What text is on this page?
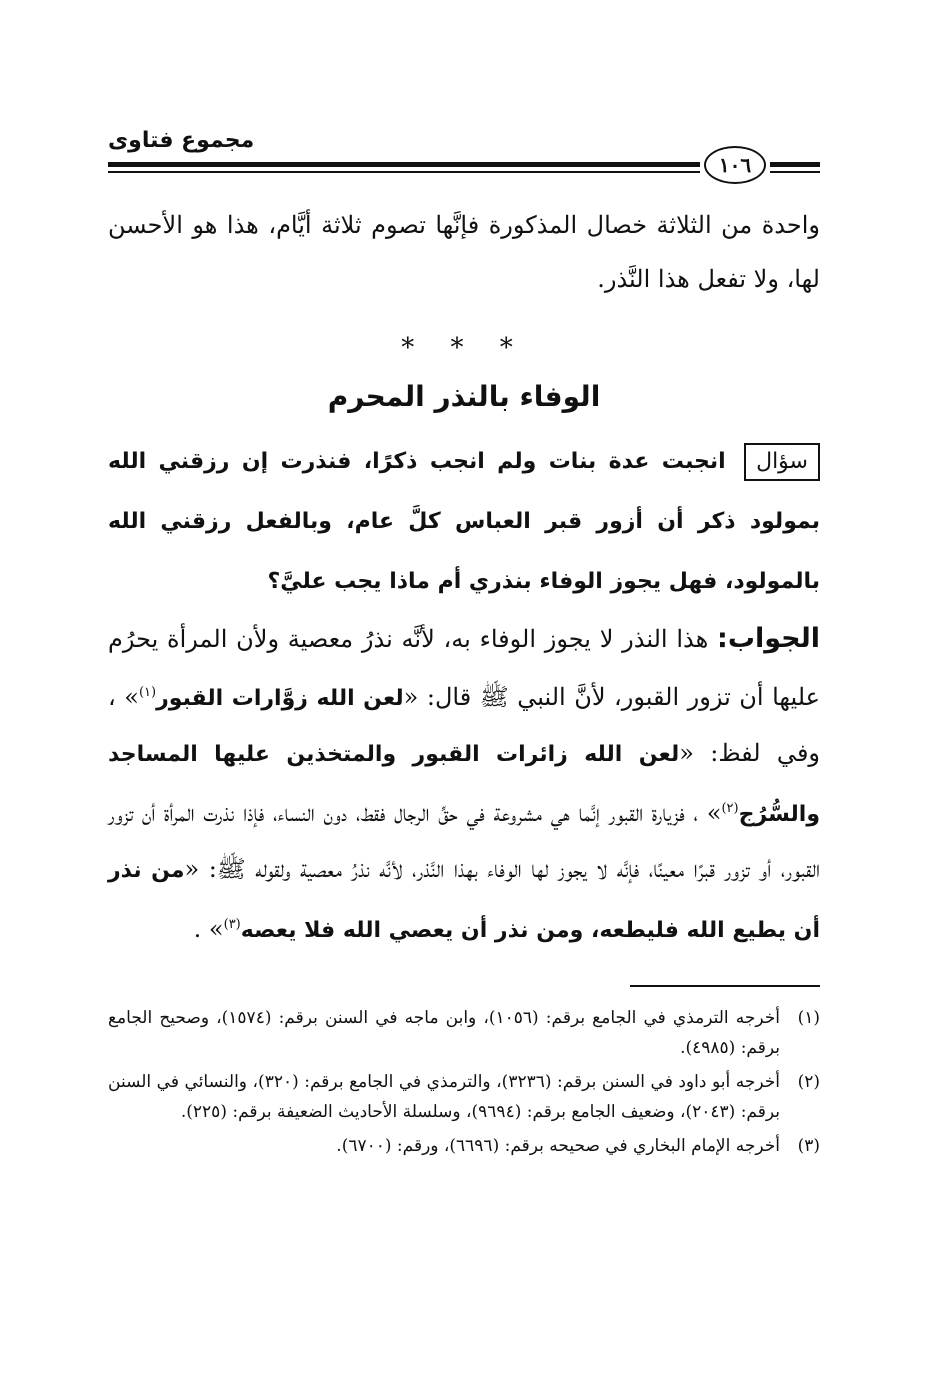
مجموع فتاوى
١٠٦

واحدة من الثلاثة خصال المذكورة فإنَّها تصوم ثلاثة أيَّام، هذا هو الأحسن لها، ولا تفعل هذا النَّذر.

* * *
الوفاء بالنذر المحرم

سؤال انجبت عدة بنات ولم انجب ذكرًا، فنذرت إن رزقني الله بمولود ذكر أن أزور قبر العباس كلَّ عام، وبالفعل رزقني الله بالمولود، فهل يجوز الوفاء بنذري أم ماذا يجب عليَّ؟

الجواب: هذا النذر لا يجوز الوفاء به، لأنَّه نذرُ معصية ولأن المرأة يحرُم عليها أن تزور القبور، لأنَّ النبي ﷺ قال: «لعن الله زوَّارات القبور$^{(١)}$» ، وفي لفظ: «لعن الله زائرات القبور والمتخذين عليها المساجد والسُّرُج$^{(٢)}$» ، فزيارة القبور إنَّما هي مشروعة في حقِّ الرجال فقط، دون النساء، فإذا نذرت المرأة أن تزور القبور، أو تزور قبرًا معينًا، فإنَّه لا يجوز لها الوفاء بهذا النَّذر، لأنَّه نذرُ معصية ولقوله ﷺ: «من نذر أن يطيع الله فليطعه، ومن نذر أن يعصي الله فلا يعصه$^{(٣)}$» .

(١)
أخرجه الترمذي في الجامع برقم: (١٠٥٦)، وابن ماجه في السنن برقم: (١٥٧٤)، وصحيح الجامع برقم: (٤٩٨٥).
(٢)
أخرجه أبو داود في السنن برقم: (٣٢٣٦)، والترمذي في الجامع برقم: (٣٢٠)، والنسائي في السنن برقم: (٢٠٤٣)، وضعيف الجامع برقم: (٩٦٩٤)، وسلسلة الأحاديث الضعيفة برقم: (٢٢٥).
(٣)
أخرجه الإمام البخاري في صحيحه برقم: (٦٦٩٦)، ورقم: (٦٧٠٠).
